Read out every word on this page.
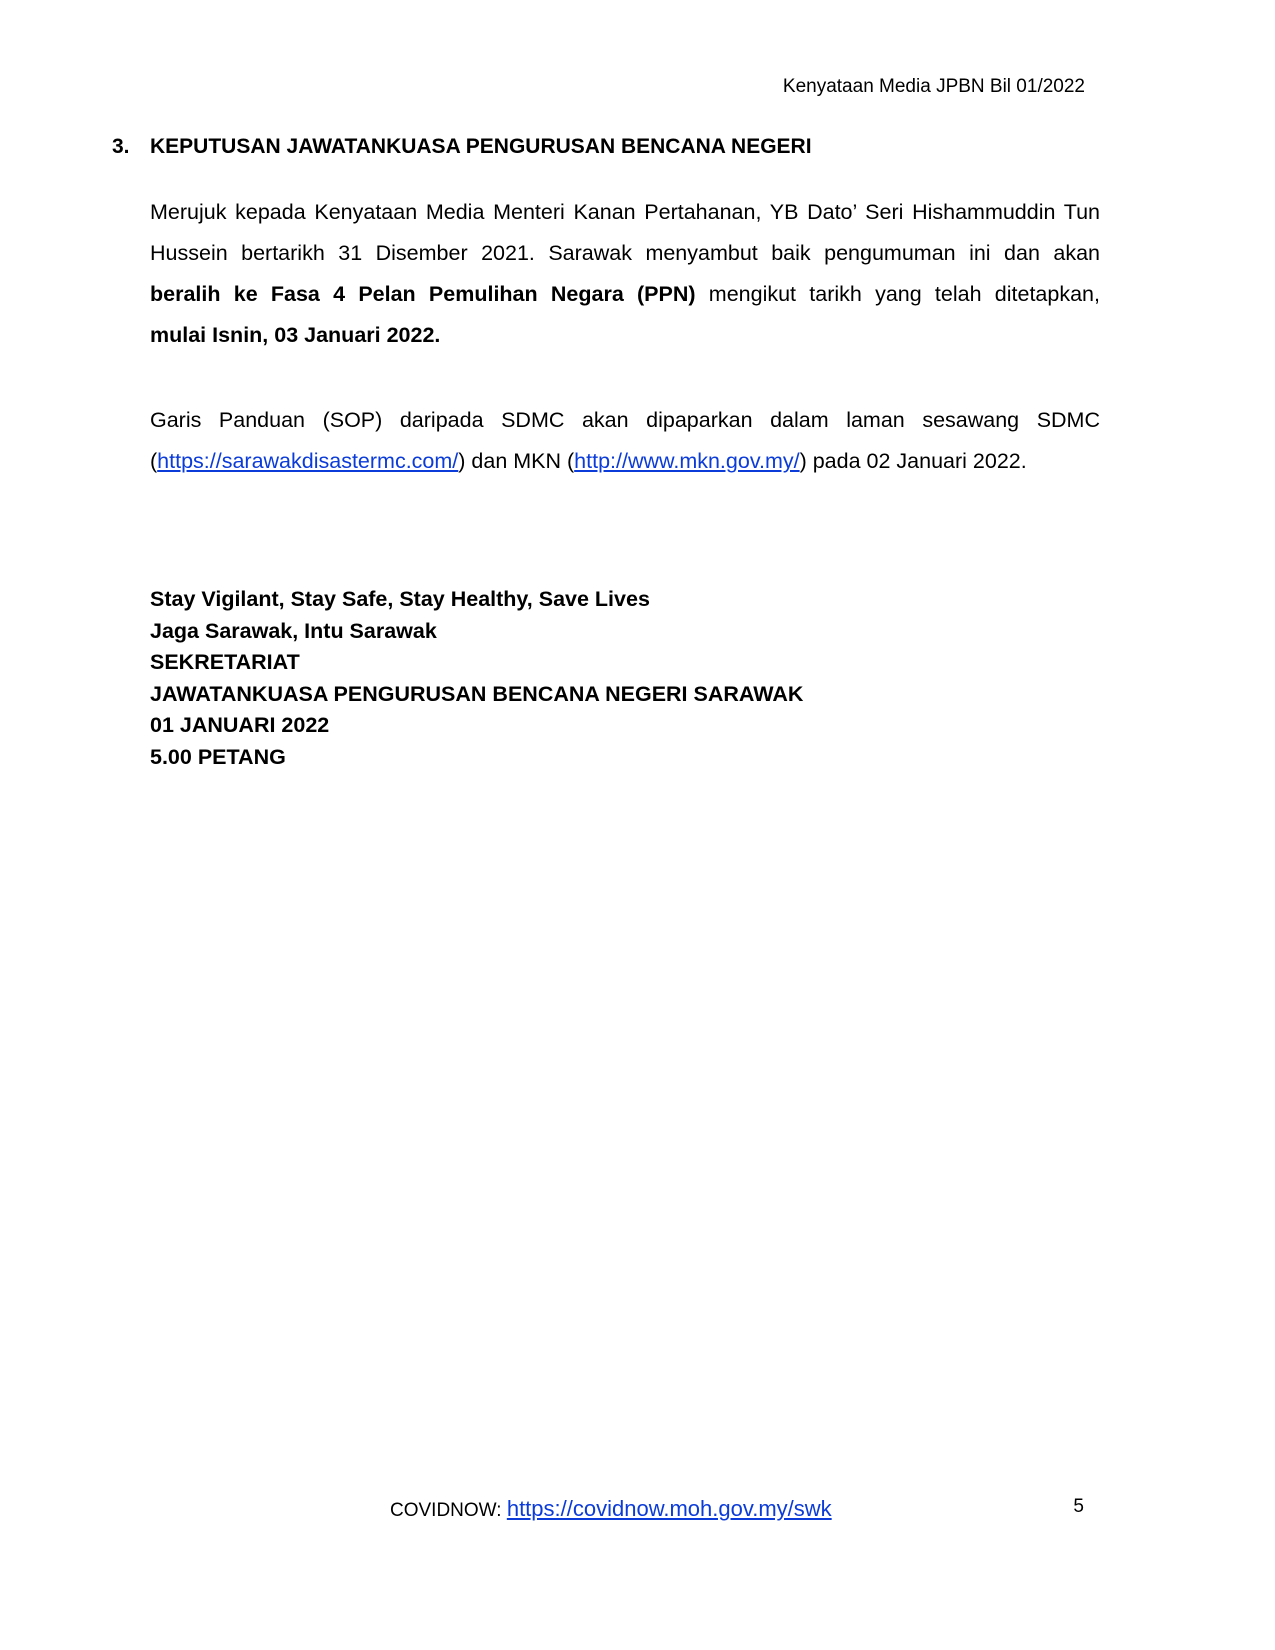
Kenyataan Media JPBN Bil 01/2022
3. KEPUTUSAN JAWATANKUASA PENGURUSAN BENCANA NEGERI
Merujuk kepada Kenyataan Media Menteri Kanan Pertahanan, YB Dato’ Seri Hishammuddin Tun
Hussein bertarikh 31 Disember 2021. Sarawak menyambut baik pengumuman ini dan akan
beralih ke Fasa 4 Pelan Pemulihan Negara (PPN) mengikut tarikh yang telah ditetapkan,
mulai Isnin, 03 Januari 2022.
Garis Panduan (SOP) daripada SDMC akan dipaparkan dalam laman sesawang SDMC
(https://sarawakdisastermc.com/) dan MKN (http://www.mkn.gov.my/) pada 02 Januari 2022.
Stay Vigilant, Stay Safe, Stay Healthy, Save Lives
Jaga Sarawak, Intu Sarawak
SEKRETARIAT
JAWATANKUASA PENGURUSAN BENCANA NEGERI SARAWAK
01 JANUARI 2022
5.00 PETANG
COVIDNOW: https://covidnow.moh.gov.my/swk	5
